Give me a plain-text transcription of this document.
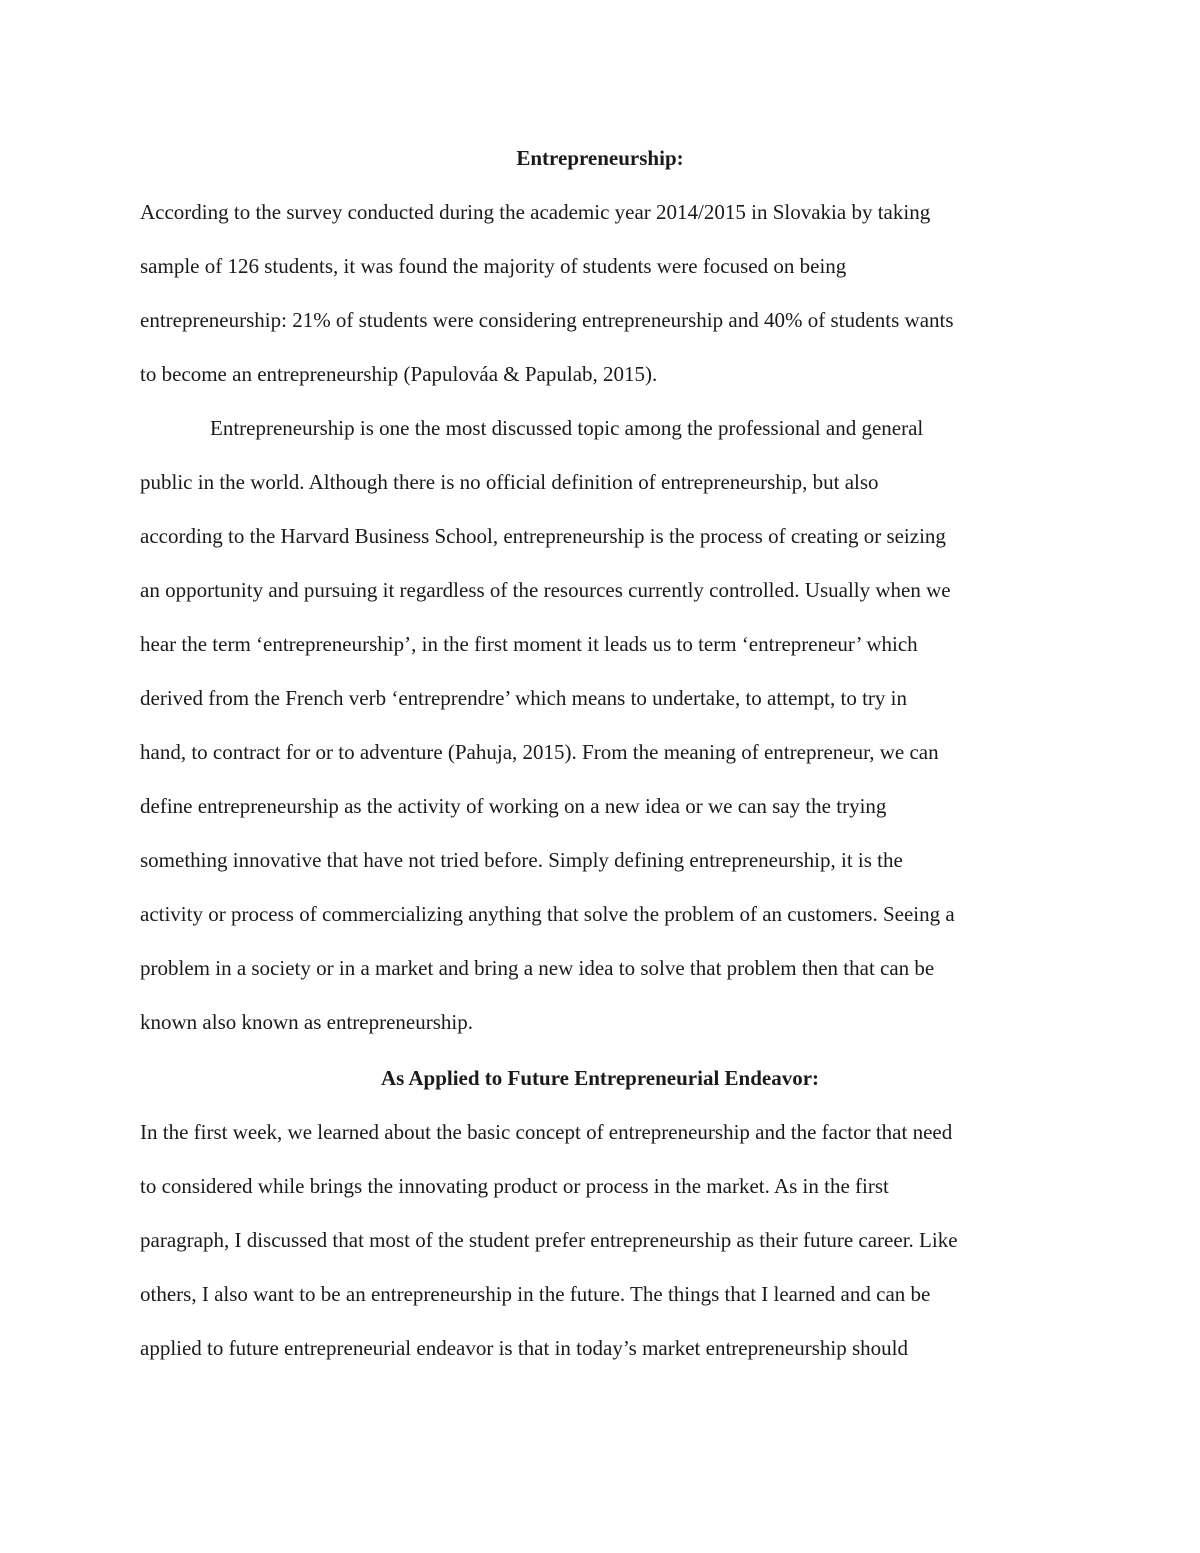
Entrepreneurship:

According to the survey conducted during the academic year 2014/2015 in Slovakia by taking

sample of 126 students, it was found the majority of students were focused on being

entrepreneurship: 21% of students were considering entrepreneurship and 40% of students wants

to become an entrepreneurship (Papulováa & Papulab, 2015).

Entrepreneurship is one the most discussed topic among the professional and general

public in the world. Although there is no official definition of entrepreneurship, but also

according to the Harvard Business School, entrepreneurship is the process of creating or seizing

an opportunity and pursuing it regardless of the resources currently controlled. Usually when we

hear the term ‘entrepreneurship’, in the first moment it leads us to term ‘entrepreneur’ which

derived from the French verb ‘entreprendre’ which means to undertake, to attempt, to try in

hand, to contract for or to adventure (Pahuja, 2015). From the meaning of entrepreneur, we can

define entrepreneurship as the activity of working on a new idea or we can say the trying

something innovative that have not tried before. Simply defining entrepreneurship, it is the

activity or process of commercializing anything that solve the problem of an customers. Seeing a

problem in a society or in a market and bring a new idea to solve that problem then that can be

known also known as entrepreneurship.

As Applied to Future Entrepreneurial Endeavor:

In the first week, we learned about the basic concept of entrepreneurship and the factor that need

to considered while brings the innovating product or process in the market. As in the first

paragraph, I discussed that most of the student prefer entrepreneurship as their future career. Like

others, I also want to be an entrepreneurship in the future. The things that I learned and can be

applied to future entrepreneurial endeavor is that in today’s market entrepreneurship should
